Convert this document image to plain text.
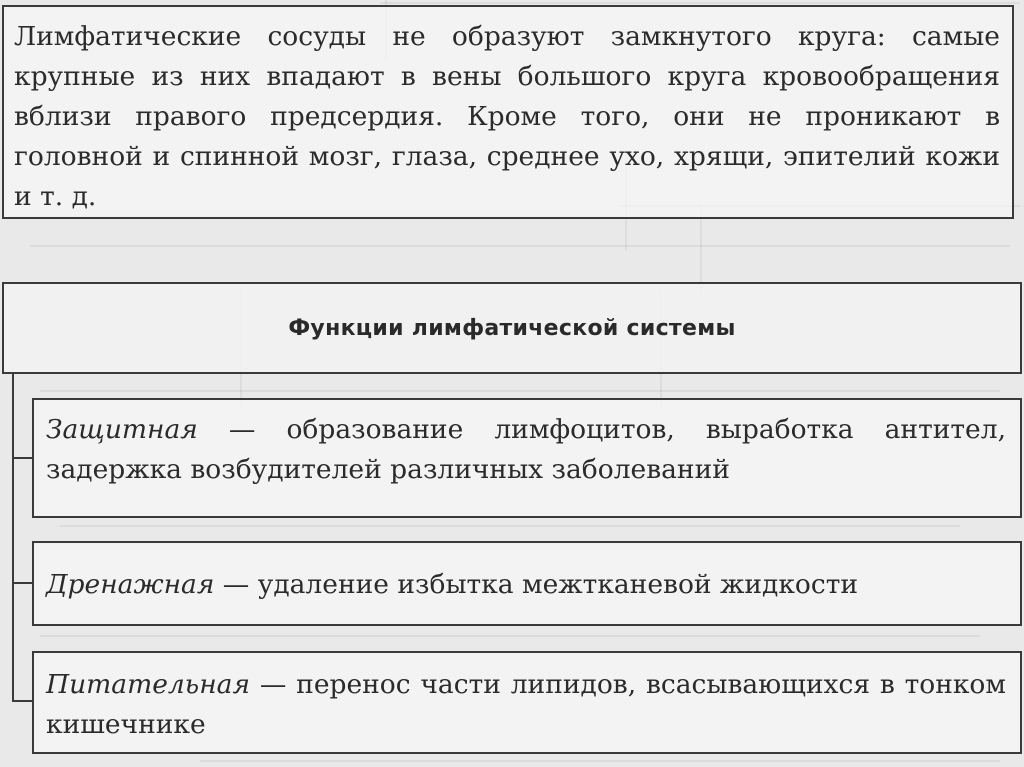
Лимфатические сосуды не образуют замкнутого круга: самые крупные из них впадают в вены большого круга кровообращения вблизи правого предсердия. Кроме того, они не проникают в головной и спинной мозг, глаза, среднее ухо, хрящи, эпителий кожи и т. д.
Функции лимфатической системы
Защитная — образование лимфоцитов, выработка антител, задержка возбудителей различных заболеваний
Дренажная — удаление избытка межтканевой жидкости
Питательная — перенос части липидов, всасывающихся в тонком кишечнике
